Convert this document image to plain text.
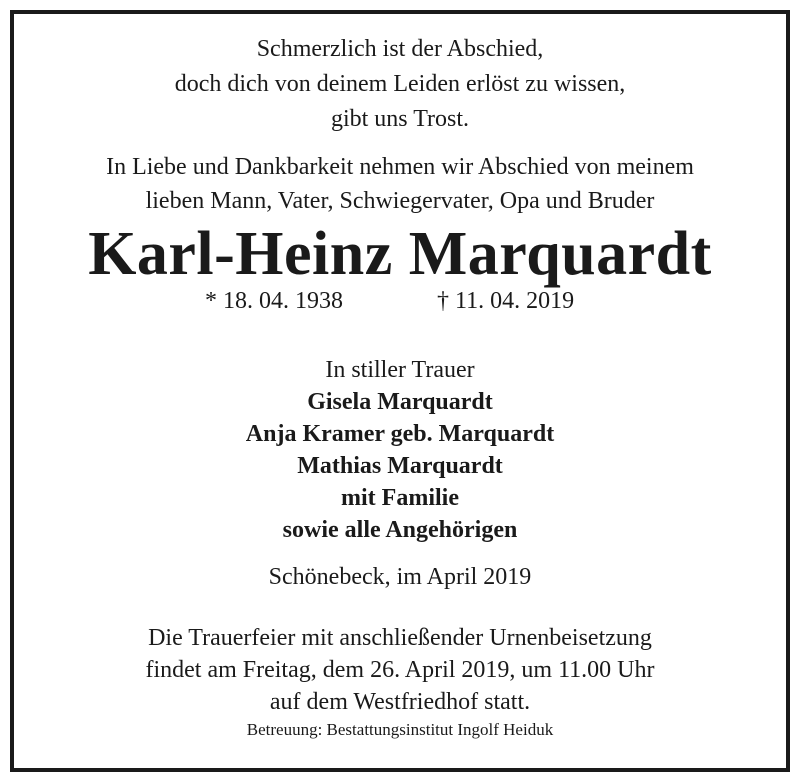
Schmerzlich ist der Abschied,
doch dich von deinem Leiden erlöst zu wissen,
gibt uns Trost.
In Liebe und Dankbarkeit nehmen wir Abschied von meinem
lieben Mann, Vater, Schwiegervater, Opa und Bruder
Karl-Heinz Marquardt
* 18. 04. 1938	† 11. 04. 2019
In stiller Trauer
Gisela Marquardt
Anja Kramer geb. Marquardt
Mathias Marquardt
mit Familie
sowie alle Angehörigen
Schönebeck, im April 2019
Die Trauerfeier mit anschließender Urnenbeisetzung
findet am Freitag, dem 26. April 2019, um 11.00 Uhr
auf dem Westfriedhof statt.
Betreuung: Bestattungsinstitut Ingolf Heiduk
